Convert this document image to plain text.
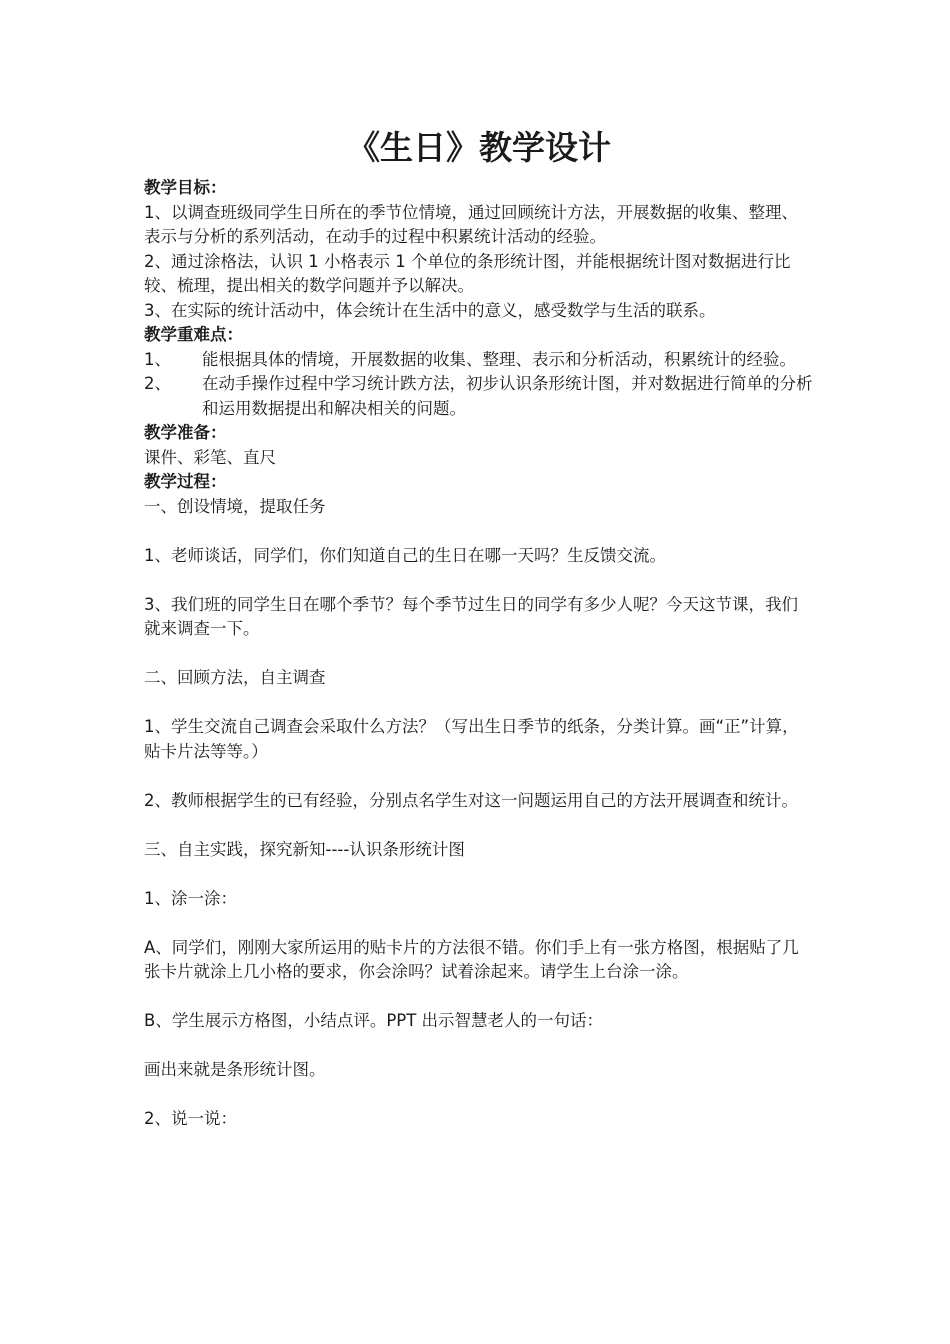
《生日》教学设计

教学目标：

1、以调查班级同学生日所在的季节位情境，通过回顾统计方法，开展数据的收集、整理、表示与分析的系列活动，在动手的过程中积累统计活动的经验。

2、通过涂格法，认识 1 小格表示 1 个单位的条形统计图，并能根据统计图对数据进行比较、梳理，提出相关的数学问题并予以解决。

3、在实际的统计活动中，体会统计在生活中的意义，感受数学与生活的联系。

教学重难点：

1、	能根据具体的情境，开展数据的收集、整理、表示和分析活动，积累统计的经验。
2、	在动手操作过程中学习统计跌方法，初步认识条形统计图，并对数据进行简单的分析和运用数据提出和解决相关的问题。

教学准备：

课件、彩笔、直尺

教学过程：

一、创设情境，提取任务

1、老师谈话，同学们，你们知道自己的生日在哪一天吗？生反馈交流。

3、我们班的同学生日在哪个季节？每个季节过生日的同学有多少人呢？今天这节课，我们就来调查一下。

二、回顾方法，自主调查

1、学生交流自己调查会采取什么方法？（写出生日季节的纸条，分类计算。画“正”计算，贴卡片法等等。）

2、教师根据学生的已有经验，分别点名学生对这一问题运用自己的方法开展调查和统计。

三、自主实践，探究新知----认识条形统计图

1、涂一涂：

A、同学们，刚刚大家所运用的贴卡片的方法很不错。你们手上有一张方格图，根据贴了几张卡片就涂上几小格的要求，你会涂吗？试着涂起来。请学生上台涂一涂。

B、学生展示方格图，小结点评。PPT 出示智慧老人的一句话：

画出来就是条形统计图。

2、说一说：
